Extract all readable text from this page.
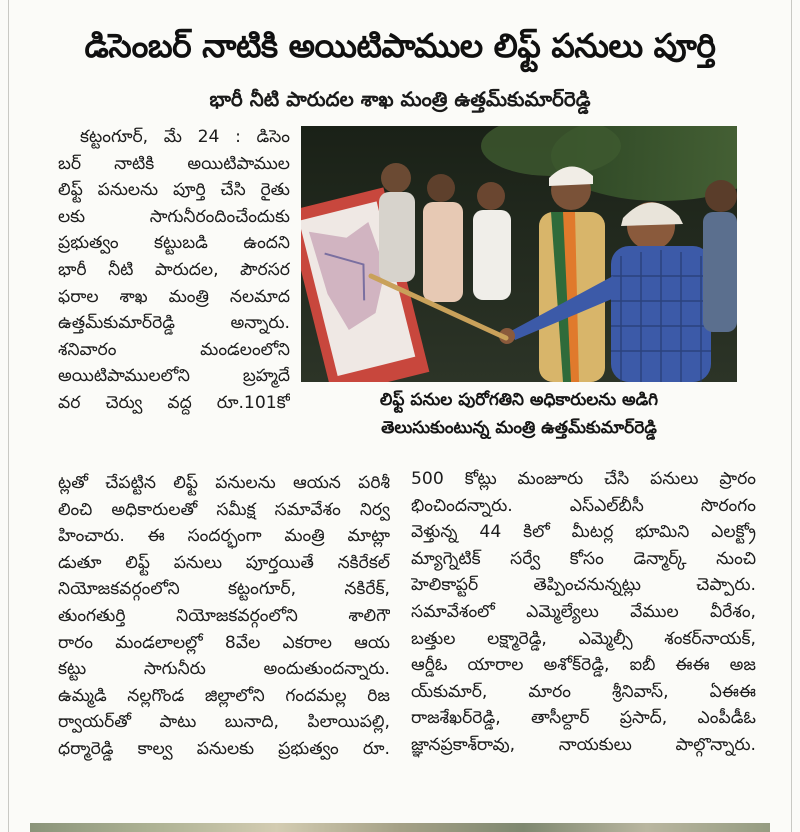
డిసెంబర్ నాటికి అయిటిపాముల లిఫ్ట్ పనులు పూర్తి
భారీ నీటి పారుదల శాఖ మంత్రి ఉత్తమ్‌కుమార్‌రెడ్డి
కట్టంగూర్, మే 24 : డిసెం
బర్ నాటికి అయిటిపాముల
లిఫ్ట్ పనులను పూర్తి చేసి రైతు
లకు సాగునీరందించేందుకు
ప్రభుత్వం కట్టుబడి ఉందని
భారీ నీటి పారుదల, పౌరసర
ఫరాల శాఖ మంత్రి నలమాద
ఉత్తమ్‌కుమార్‌రెడ్డి అన్నారు.
శనివారం మండలంలోని
అయిటిపాములలోని బ్రహ్మదే
వర చెర్వు వద్ద రూ.101కో	లిఫ్ట్ పనుల పురోగతిని అధికారులను అడిగి
తెలుసుకుంటున్న మంత్రి ఉత్తమ్‌కుమార్‌రెడ్డి
ట్లతో చేపట్టిన లిఫ్ట్ పనులను ఆయన పరిశీ
లించి అధికారులతో సమీక్ష సమావేశం నిర్వ
హించారు. ఈ సందర్భంగా మంత్రి మాట్లా
డుతూ లిఫ్ట్ పనులు పూర్తయితే నకిరేకల్
నియోజకవర్గంలోని కట్టంగూర్, నకిరేక్,
తుంగతుర్తి నియోజకవర్గంలోని శాలిగౌ
రారం మండలాలల్లో 8వేల ఎకరాల ఆయ
కట్టు సాగునీరు అందుతుందన్నారు.
ఉమ్మడి నల్లగొండ జిల్లాలోని గందమల్ల రిజ
ర్వాయర్‌తో పాటు బునాది, పిలాయిపల్లి,
ధర్మారెడ్డి కాల్వ పనులకు ప్రభుత్వం రూ.
500 కోట్లు మంజూరు చేసి పనులు ప్రారం
భించిందన్నారు. ఎస్ఎల్‌బీసీ సొరంగం
వెళ్తున్న 44 కిలో మీటర్ల భూమిని ఎలక్ట్రో
మ్యాగ్నెటిక్ సర్వే కోసం డెన్మార్క్ నుంచి
హెలికాప్టర్ తెప్పించనున్నట్లు చెప్పారు.
సమావేశంలో ఎమ్మెల్యేలు వేముల వీరేశం,
బత్తుల లక్ష్మారెడ్డి, ఎమ్మెల్సీ శంకర్‌నాయక్,
ఆర్డీఓ యారాల అశోక్‌రెడ్డి, ఐబీ ఈఈ అజ
య్‌కుమార్, మారం శ్రీనివాస్, ఏఈఈ
రాజశేఖర్‌రెడ్డి, తాసీల్దార్ ప్రసాద్, ఎంపీడీఓ
జ్ఞానప్రకాశ్‌రావు, నాయకులు పాల్గొన్నారు.
